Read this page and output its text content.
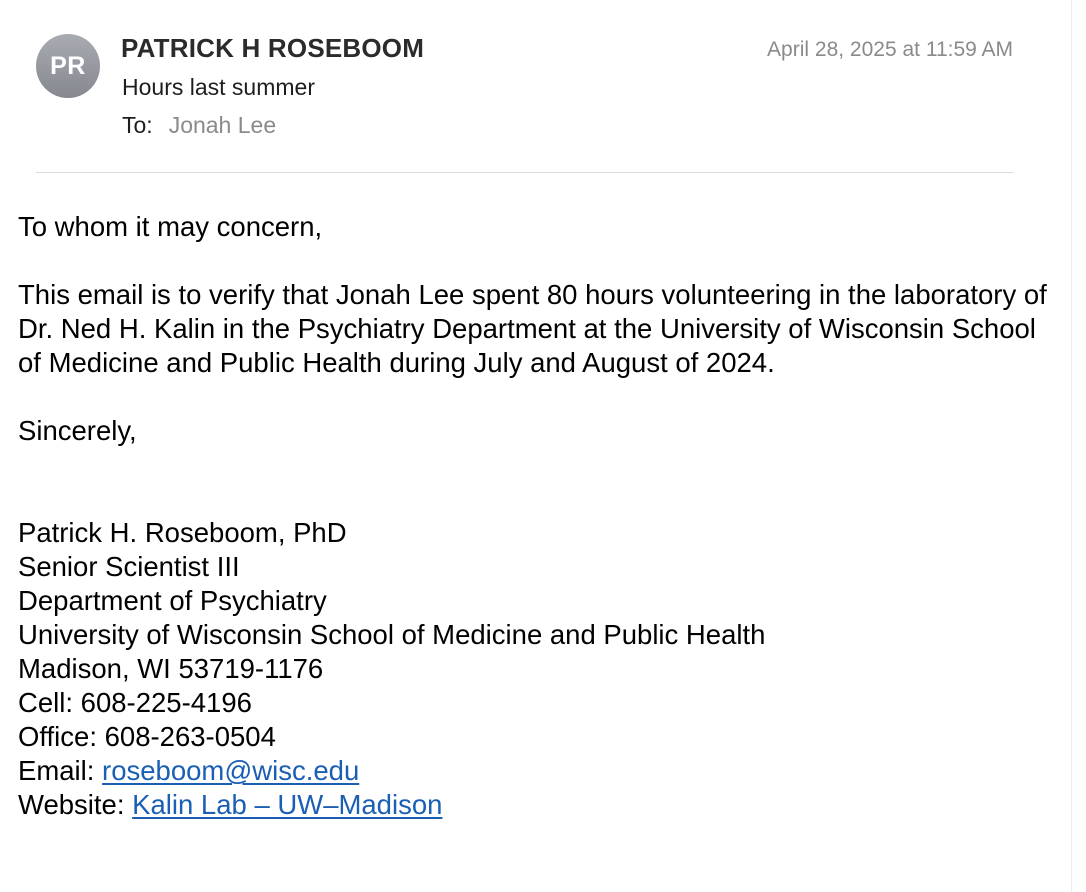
PR
PATRICK H ROSEBOOM	April 28, 2025 at 11:59 AM
Hours last summer
To: Jonah Lee

To whom it may concern,

This email is to verify that Jonah Lee spent 80 hours volunteering in the laboratory of Dr. Ned H. Kalin in the Psychiatry Department at the University of Wisconsin School of Medicine and Public Health during July and August of 2024.

Sincerely,

Patrick H. Roseboom, PhD

Senior Scientist III

Department of Psychiatry

University of Wisconsin School of Medicine and Public Health

Madison, WI 53719-1176

Cell: 608-225-4196

Office: 608-263-0504

Email: roseboom@wisc.edu

Website: Kalin Lab – UW–Madison
